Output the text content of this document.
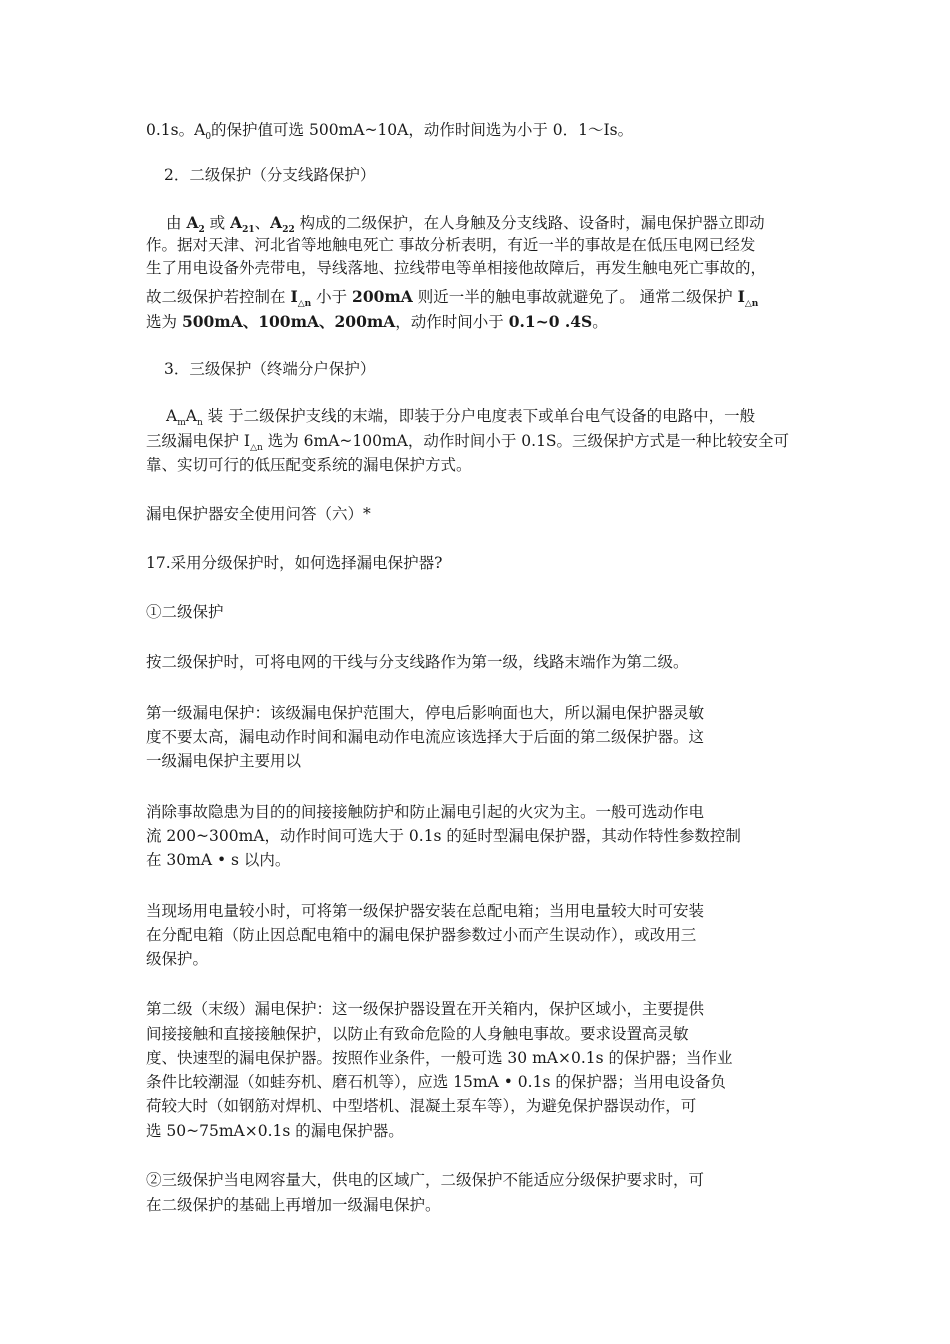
0.1s。$A_0$的保护值可选 500mA~10A，动作时间选为小于 0．1～Is。
2．二级保护（分支线路保护）
由 $A_2$ 或 $A_{21}$、$A_{22}$ 构成的二级保护，在人身触及分支线路、设备时，漏电保护器立即动
作。据对天津、河北省等地触电死亡 事故分析表明，有近一半的事故是在低压电网已经发
生了用电设备外壳带电，导线落地、拉线带电等单相接他故障后，再发生触电死亡事故的，
故二级保护若控制在 $I_{\triangle n}$ 小于 200mA 则近一半的触电事故就避免了。 通常二级保护 $I_{\triangle n}$
选为 500mA、100mA、200mA，动作时间小于 0.1~0 .4S。
3．三级保护（终端分户保护）
$A_mA_n$ 装 于二级保护支线的末端，即装于分户电度表下或单台电气设备的电路中，一般
三级漏电保护 $I_{\triangle n}$ 选为 6mA~100mA，动作时间小于 0.1S。三级保护方式是一种比较安全可
靠、实切可行的低压配变系统的漏电保护方式。
漏电保护器安全使用问答（六）*
17.采用分级保护时，如何选择漏电保护器?
①二级保护
按二级保护时，可将电网的干线与分支线路作为第一级，线路末端作为第二级。
第一级漏电保护：该级漏电保护范围大，停电后影响面也大，所以漏电保护器灵敏
度不要太高，漏电动作时间和漏电动作电流应该选择大于后面的第二级保护器。这
一级漏电保护主要用以
消除事故隐患为目的的间接接触防护和防止漏电引起的火灾为主。一般可选动作电
流 200~300mA，动作时间可选大于 0.1s 的延时型漏电保护器，其动作特性参数控制
在 30mA • s 以内。
当现场用电量较小时，可将第一级保护器安装在总配电箱；当用电量较大时可安装
在分配电箱（防止因总配电箱中的漏电保护器参数过小而产生误动作），或改用三
级保护。
第二级（末级）漏电保护：这一级保护器设置在开关箱内，保护区域小，主要提供
间接接触和直接接触保护，以防止有致命危险的人身触电事故。要求设置高灵敏
度、快速型的漏电保护器。按照作业条件，一般可选 30 mA×0.1s 的保护器；当作业
条件比较潮湿（如蛙夯机、磨石机等），应选 15mA • 0.1s 的保护器；当用电设备负
荷较大时（如钢筋对焊机、中型塔机、混凝土泵车等），为避免保护器误动作，可
选 50~75mA×0.1s 的漏电保护器。
②三级保护当电网容量大，供电的区域广，二级保护不能适应分级保护要求时，可
在二级保护的基础上再增加一级漏电保护。
